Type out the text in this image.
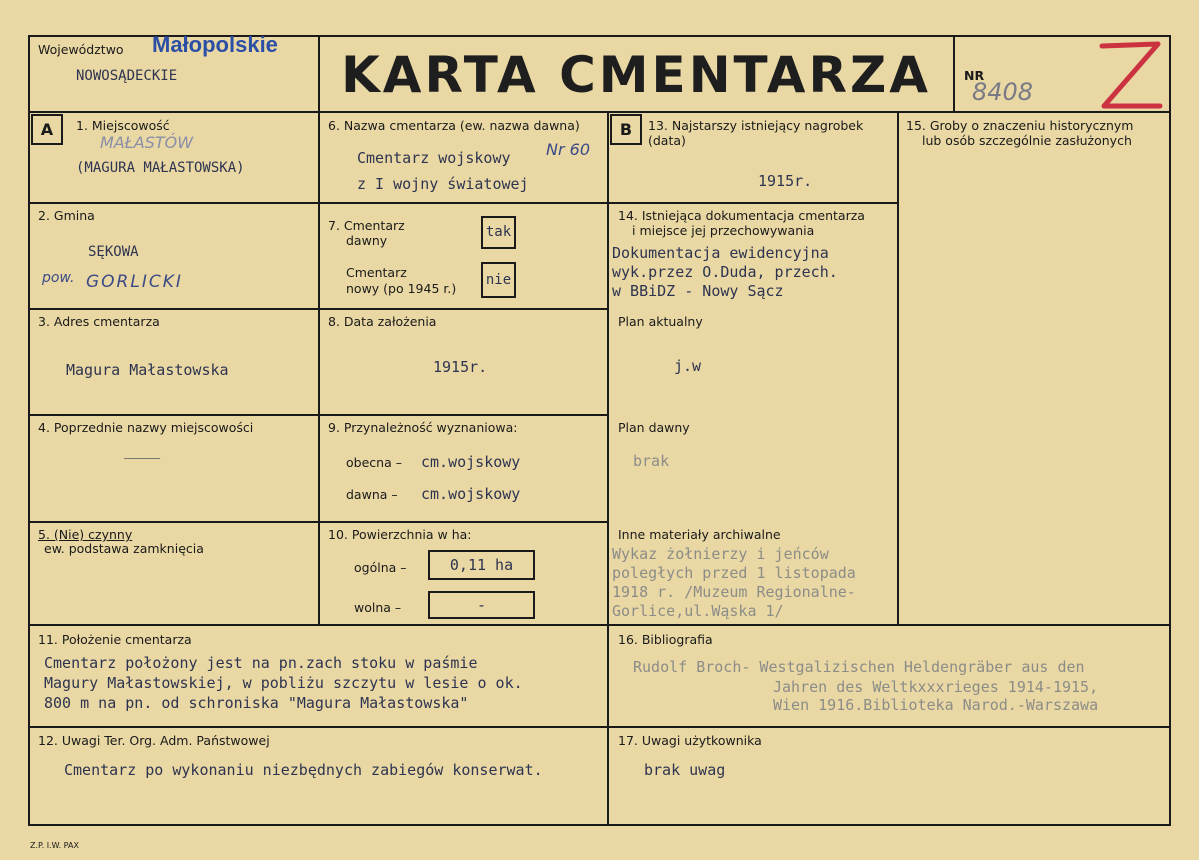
Województwo Małopolskie
NOWOSĄDECKIE	KARTA CMENTARZA	NR
8408
A	B
1. Miejscowość
MAŁASTÓW
(MAGURA MAŁASTOWSKA)
2. Gmina
SĘKOWA
pow. GORLICKI
3. Adres cmentarza
Magura Małastowska
4. Poprzednie nazwy miejscowości
____
5. (Nie) czynny
ew. podstawa zamknięcia
6. Nazwa cmentarza (ew. nazwa dawna)
Cmentarz wojskowy
z I wojny światowej
Nr 60
7. Cmentarz
dawny
tak
Cmentarz
nowy (po 1945 r.)
nie
8. Data założenia
1915r.
9. Przynależność wyznaniowa:
obecna – cm.wojskowy
dawna – cm.wojskowy
10. Powierzchnia w ha:
ogólna –	0,11 ha
wolna –	-
13. Najstarszy istniejący nagrobek
(data)
1915r.
14. Istniejąca dokumentacja cmentarza
i miejsce jej przechowywania
Dokumentacja ewidencyjna
wyk.przez O.Duda, przech.
w BBiDZ - Nowy Sącz
Plan aktualny
j.w
Plan dawny
brak
Inne materiały archiwalne
Wykaz żołnierzy i jeńców
poległych przed 1 listopada
1918 r. /Muzeum Regionalne-
Gorlice,ul.Wąska 1/
15. Groby o znaczeniu historycznym
lub osób szczególnie zasłużonych
11. Położenie cmentarza
Cmentarz położony jest na pn.zach stoku w paśmie
Magury Małastowskiej, w pobliżu szczytu w lesie o ok.
800 m na pn. od schroniska "Magura Małastowska"
16. Bibliografia
Rudolf Broch- Westgalizischen Heldengräber aus den
Jahren des Weltkxxxrieges 1914-1915,
Wien 1916.Biblioteka Narod.-Warszawa
12. Uwagi Ter. Org. Adm. Państwowej
Cmentarz po wykonaniu niezbędnych zabiegów konserwat.
17. Uwagi użytkownika
brak uwag
Z.P. I.W. PAX
